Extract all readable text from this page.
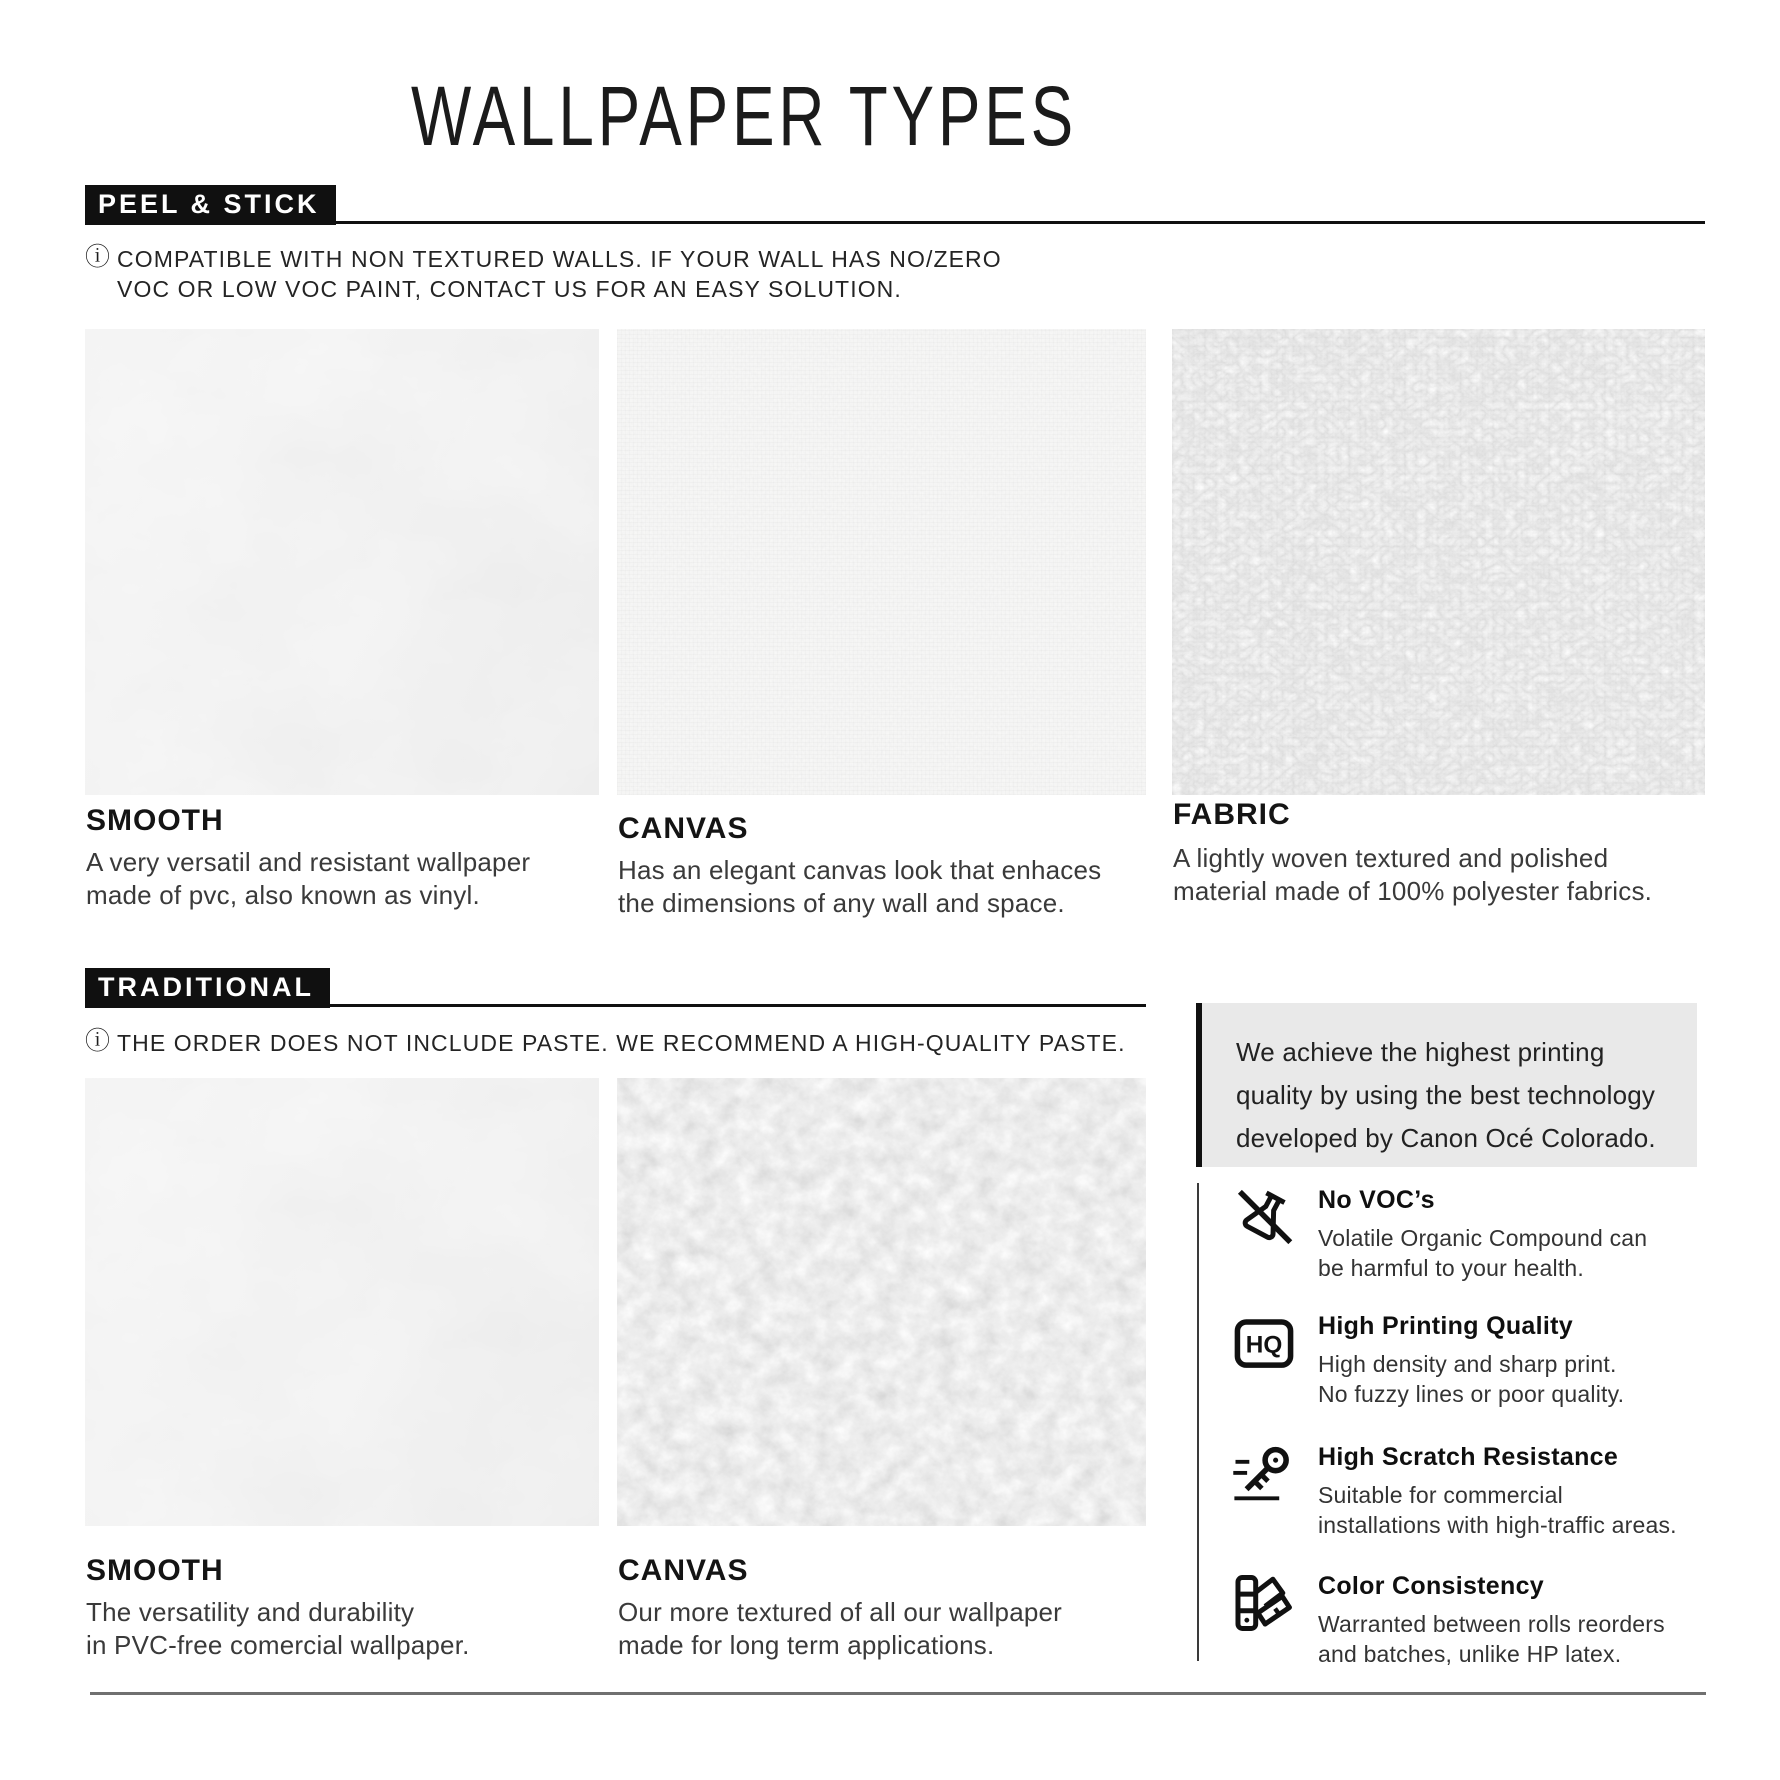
WALLPAPER TYPES
PEEL & STICK
ⓘ COMPATIBLE WITH NON TEXTURED WALLS. IF YOUR WALL HAS NO/ZERO
VOC OR LOW VOC PAINT, CONTACT US FOR AN EASY SOLUTION.
SMOOTH
A very versatil and resistant wallpaper
made of pvc, also known as vinyl.
CANVAS
Has an elegant canvas look that enhaces
the dimensions of any wall and space.
FABRIC
A lightly woven textured and polished
material made of 100% polyester fabrics.
TRADITIONAL
ⓘ THE ORDER DOES NOT INCLUDE PASTE. WE RECOMMEND A HIGH-QUALITY PASTE.
SMOOTH
The versatility and durability
in PVC-free comercial wallpaper.
CANVAS
Our more textured of all our wallpaper
made for long term applications.
We achieve the highest printing
quality by using the best technology
developed by Canon Océ Colorado.
No VOC’s
Volatile Organic Compound can
be harmful to your health.
HQ
High Printing Quality
High density and sharp print.
No fuzzy lines or poor quality.
High Scratch Resistance
Suitable for commercial
installations with high-traffic areas.
Color Consistency
Warranted between rolls reorders
and batches, unlike HP latex.
